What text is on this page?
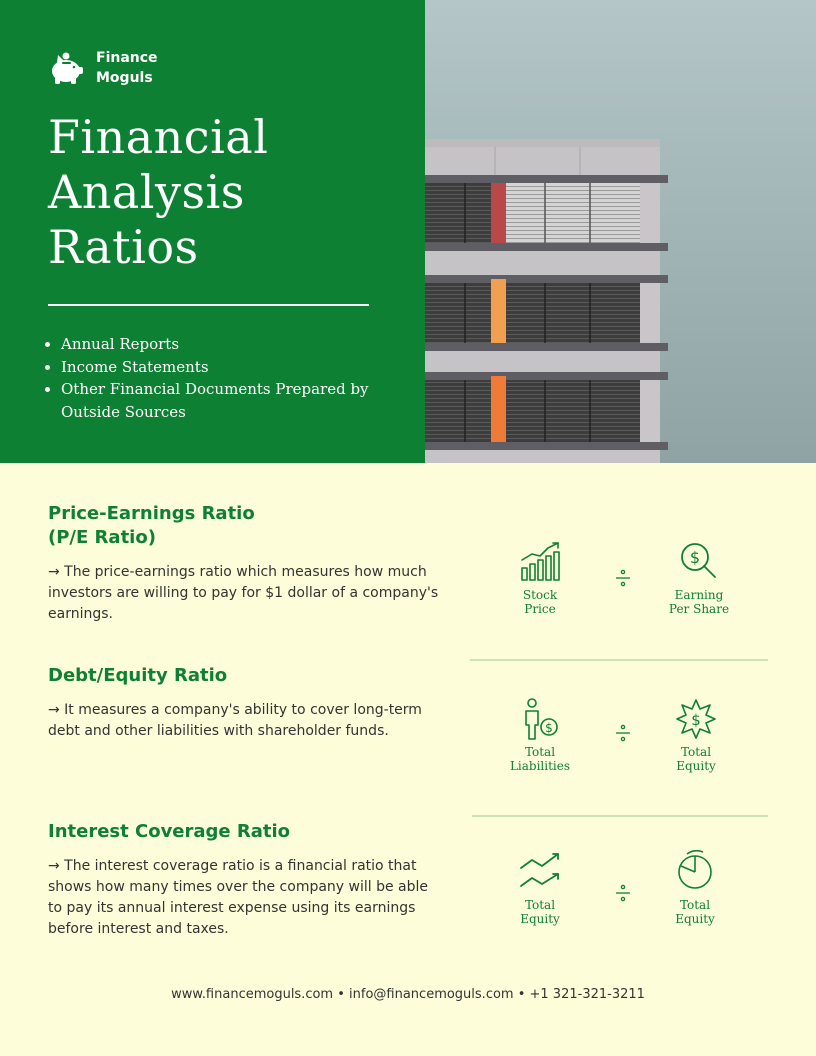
Finance
Moguls
Financial
Analysis
Ratios
• Annual Reports
• Income Statements
• Other Financial Documents Prepared by Outside Sources
Price-Earnings Ratio
(P/E Ratio)

→ The price-earnings ratio which measures how much investors are willing to pay for $1 dollar of a company's earnings.

Stock
Price
$
Earning
Per Share
Debt/Equity Ratio

→ It measures a company's ability to cover long-term debt and other liabilities with shareholder funds.	$
Total
Liabilities
$
Total
Equity
Interest Coverage Ratio

→ The interest coverage ratio is a financial ratio that shows how many times over the company will be able to pay its annual interest expense using its earnings before interest and taxes.

Total
Equity
Total
Equity
www.financemoguls.com • info@financemoguls.com • +1 321-321-3211
